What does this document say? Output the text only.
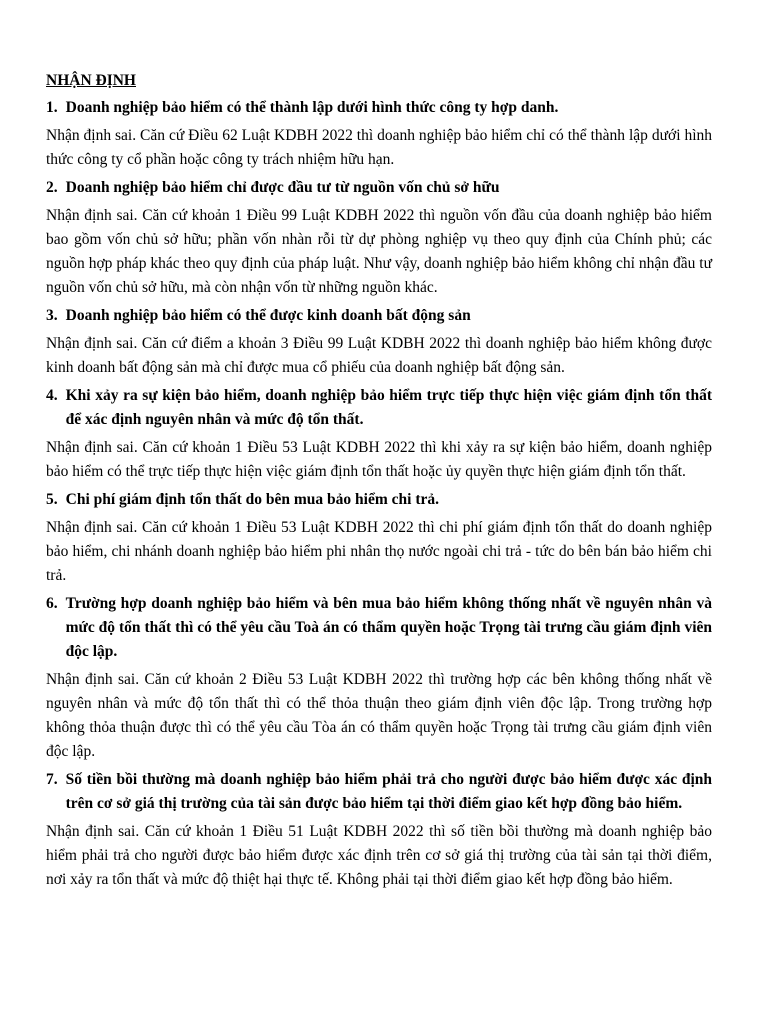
NHẬN ĐỊNH
1. Doanh nghiệp bảo hiểm có thể thành lập dưới hình thức công ty hợp danh.
Nhận định sai. Căn cứ Điều 62 Luật KDBH 2022 thì doanh nghiệp bảo hiểm chỉ có thể thành lập dưới hình thức công ty cổ phần hoặc công ty trách nhiệm hữu hạn.
2. Doanh nghiệp bảo hiểm chỉ được đầu tư từ nguồn vốn chủ sở hữu
Nhận định sai. Căn cứ khoản 1 Điều 99 Luật KDBH 2022 thì nguồn vốn đầu của doanh nghiệp bảo hiểm bao gồm vốn chủ sở hữu; phần vốn nhàn rỗi từ dự phòng nghiệp vụ theo quy định của Chính phủ; các nguồn hợp pháp khác theo quy định của pháp luật. Như vậy, doanh nghiệp bảo hiểm không chỉ nhận đầu tư nguồn vốn chủ sở hữu, mà còn nhận vốn từ những nguồn khác.
3. Doanh nghiệp bảo hiểm có thể được kinh doanh bất động sản
Nhận định sai. Căn cứ điểm a khoản 3 Điều 99 Luật KDBH 2022 thì doanh nghiệp bảo hiểm không được kinh doanh bất động sản mà chỉ được mua cổ phiếu của doanh nghiệp bất động sản.
4. Khi xảy ra sự kiện bảo hiểm, doanh nghiệp bảo hiểm trực tiếp thực hiện việc giám định tổn thất để xác định nguyên nhân và mức độ tổn thất.
Nhận định sai. Căn cứ khoản 1 Điều 53 Luật KDBH 2022 thì khi xảy ra sự kiện bảo hiểm, doanh nghiệp bảo hiểm có thể trực tiếp thực hiện việc giám định tổn thất hoặc ủy quyền thực hiện giám định tổn thất.
5. Chi phí giám định tổn thất do bên mua bảo hiểm chi trả.
Nhận định sai. Căn cứ khoản 1 Điều 53 Luật KDBH 2022 thì chi phí giám định tổn thất do doanh nghiệp bảo hiểm, chi nhánh doanh nghiệp bảo hiểm phi nhân thọ nước ngoài chi trả - tức do bên bán bảo hiểm chi trả.
6. Trường hợp doanh nghiệp bảo hiểm và bên mua bảo hiểm không thống nhất về nguyên nhân và mức độ tổn thất thì có thể yêu cầu Toà án có thẩm quyền hoặc Trọng tài trưng cầu giám định viên độc lập.
Nhận định sai. Căn cứ khoản 2 Điều 53 Luật KDBH 2022 thì trường hợp các bên không thống nhất về nguyên nhân và mức độ tổn thất thì có thể thỏa thuận theo giám định viên độc lập. Trong trường hợp không thỏa thuận được thì có thể yêu cầu Tòa án có thẩm quyền hoặc Trọng tài trưng cầu giám định viên độc lập.
7. Số tiền bồi thường mà doanh nghiệp bảo hiểm phải trả cho người được bảo hiểm được xác định trên cơ sở giá thị trường của tài sản được bảo hiểm tại thời điểm giao kết hợp đồng bảo hiểm.
Nhận định sai. Căn cứ khoản 1 Điều 51 Luật KDBH 2022 thì số tiền bồi thường mà doanh nghiệp bảo hiểm phải trả cho người được bảo hiểm được xác định trên cơ sở giá thị trường của tài sản tại thời điểm, nơi xảy ra tổn thất và mức độ thiệt hại thực tế. Không phải tại thời điểm giao kết hợp đồng bảo hiểm.
